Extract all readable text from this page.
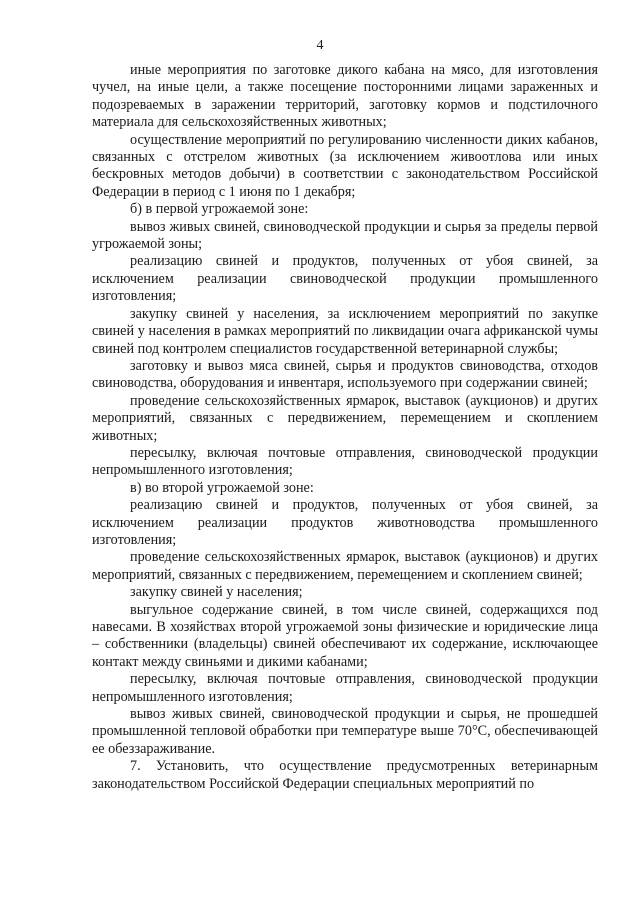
4

иные мероприятия по заготовке дикого кабана на мясо, для изготовления чучел, на иные цели, а также посещение посторонними лицами зараженных и подозреваемых в заражении территорий, заготовку кормов и подстилочного материала для сельскохозяйственных животных;

осуществление мероприятий по регулированию численности диких кабанов, связанных с отстрелом животных (за исключением живоотлова или иных бескровных методов добычи) в соответствии с законодательством Российской Федерации в период с 1 июня по 1 декабря;

б) в первой угрожаемой зоне:

вывоз живых свиней, свиноводческой продукции и сырья за пределы первой угрожаемой зоны;

реализацию свиней и продуктов, полученных от убоя свиней, за исключением реализации свиноводческой продукции промышленного изготовления;

закупку свиней у населения, за исключением мероприятий по закупке свиней у населения в рамках мероприятий по ликвидации очага африканской чумы свиней под контролем специалистов государственной ветеринарной службы;

заготовку и вывоз мяса свиней, сырья и продуктов свиноводства, отходов свиноводства, оборудования и инвентаря, используемого при содержании свиней;

проведение сельскохозяйственных ярмарок, выставок (аукционов) и других мероприятий, связанных с передвижением, перемещением и скоплением животных;

пересылку, включая почтовые отправления, свиноводческой продукции непромышленного изготовления;

в) во второй угрожаемой зоне:

реализацию свиней и продуктов, полученных от убоя свиней, за исключением реализации продуктов животноводства промышленного изготовления;

проведение сельскохозяйственных ярмарок, выставок (аукционов) и других мероприятий, связанных с передвижением, перемещением и скоплением свиней;

закупку свиней у населения;

выгульное содержание свиней, в том числе свиней, содержащихся под навесами. В хозяйствах второй угрожаемой зоны физические и юридические лица – собственники (владельцы) свиней обеспечивают их содержание, исключающее контакт между свиньями и дикими кабанами;

пересылку, включая почтовые отправления, свиноводческой продукции непромышленного изготовления;

вывоз живых свиней, свиноводческой продукции и сырья, не прошедшей промышленной тепловой обработки при температуре выше 70°С, обеспечивающей ее обеззараживание.

7. Установить, что осуществление предусмотренных ветеринарным законодательством Российской Федерации специальных мероприятий по
